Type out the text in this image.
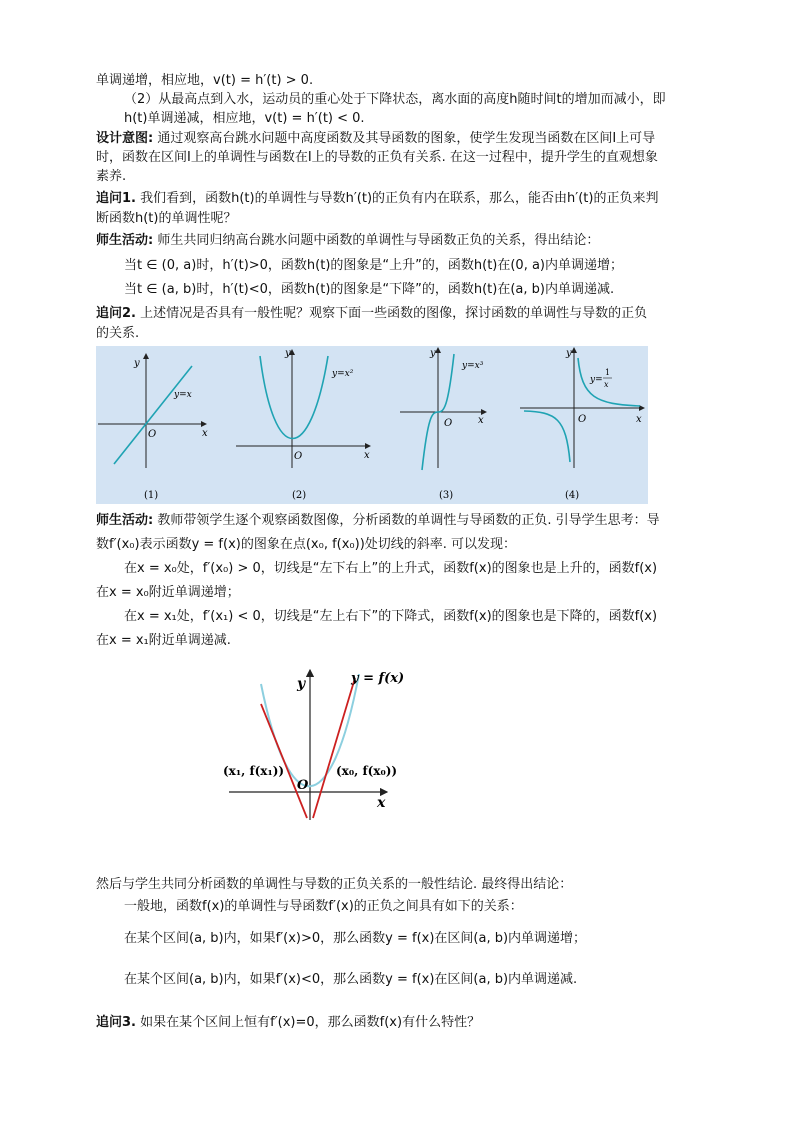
单调递增，相应地，v(t) = h′(t) > 0.
（2）从最高点到入水，运动员的重心处于下降状态，离水面的高度h随时间t的增加而减小，即
h(t)单调递减，相应地，v(t) = h′(t) < 0.
设计意图: 通过观察高台跳水问题中高度函数及其导函数的图象，使学生发现当函数在区间I上可导
时，函数在区间I上的单调性与函数在I上的导数的正负有关系. 在这一过程中，提升学生的直观想象
素养.
追问1. 我们看到，函数h(t)的单调性与导数h′(t)的正负有内在联系，那么，能否由h′(t)的正负来判
断函数h(t)的单调性呢？
师生活动: 师生共同归纳高台跳水问题中函数的单调性与导函数正负的关系，得出结论：
当t ∈ (0, a)时，h′(t)>0，函数h(t)的图象是“上升”的，函数h(t)在(0, a)内单调递增；
当t ∈ (a, b)时，h′(t)<0，函数h(t)的图象是“下降”的，函数h(t)在(a, b)内单调递减.
追问2. 上述情况是否具有一般性呢？观察下面一些函数的图像，探讨函数的单调性与导数的正负
的关系.
y
x
O
y=x
(1)
y
x
O
y=x²
(2)
y
x
O
y=x³
(3)
y
x
O
y=
1
x
(4)
师生活动: 教师带领学生逐个观察函数图像，分析函数的单调性与导函数的正负. 引导学生思考：导
数f′(x₀)表示函数y = f(x)的图象在点(x₀, f(x₀))处切线的斜率. 可以发现：
在x = x₀处，f′(x₀) > 0，切线是“左下右上”的上升式，函数f(x)的图象也是上升的，函数f(x)
在x = x₀附近单调递增；
在x = x₁处，f′(x₁) < 0，切线是“左上右下”的下降式，函数f(x)的图象也是下降的，函数f(x)
在x = x₁附近单调递减.
y	y = f(x)
O
x
(x₁, f(x₁))	(x₀, f(x₀))
然后与学生共同分析函数的单调性与导数的正负关系的一般性结论. 最终得出结论：
一般地，函数f(x)的单调性与导函数f′(x)的正负之间具有如下的关系：
在某个区间(a, b)内，如果f′(x)>0，那么函数y = f(x)在区间(a, b)内单调递增；
在某个区间(a, b)内，如果f′(x)<0，那么函数y = f(x)在区间(a, b)内单调递减.
追问3. 如果在某个区间上恒有f′(x)=0，那么函数f(x)有什么特性？
